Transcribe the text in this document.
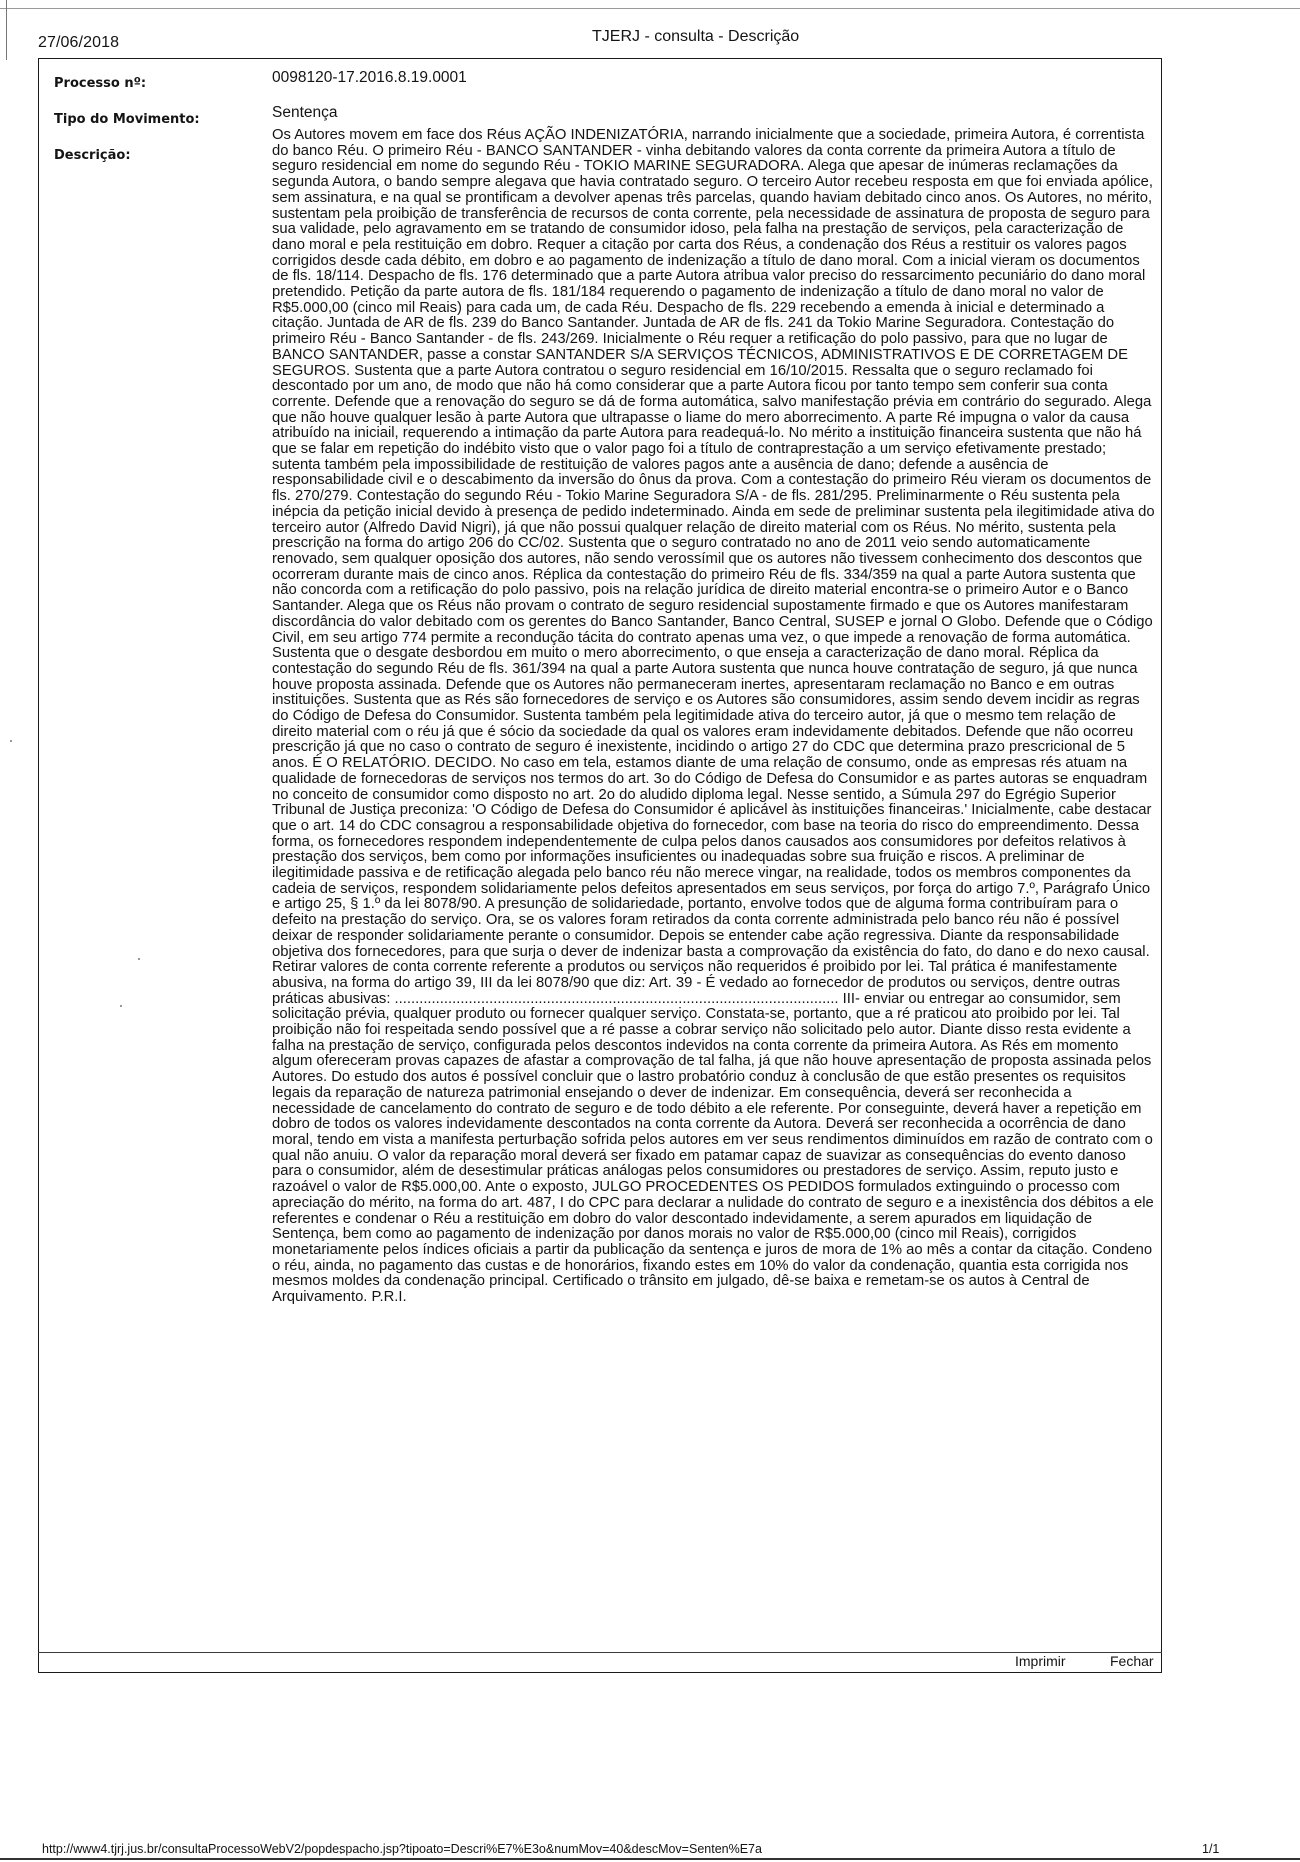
27/06/2018	TJERJ - consulta - Descrição
Processo nº:	0098120-17.2016.8.19.0001
Tipo do Movimento:	Sentença
Descrição:

Os Autores movem em face dos Réus AÇÃO INDENIZATÓRIA, narrando inicialmente que a sociedade, primeira Autora, é correntista do banco Réu. O primeiro Réu - BANCO SANTANDER - vinha debitando valores da conta corrente da primeira Autora a título de seguro residencial em nome do segundo Réu - TOKIO MARINE SEGURADORA. Alega que apesar de inúmeras reclamações da segunda Autora, o bando sempre alegava que havia contratado seguro. O terceiro Autor recebeu resposta em que foi enviada apólice, sem assinatura, e na qual se prontificam a devolver apenas três parcelas, quando haviam debitado cinco anos. Os Autores, no mérito, sustentam pela proibição de transferência de recursos de conta corrente, pela necessidade de assinatura de proposta de seguro para sua validade, pelo agravamento em se tratando de consumidor idoso, pela falha na prestação de serviços, pela caracterização de dano moral e pela restituição em dobro. Requer a citação por carta dos Réus, a condenação dos Réus a restituir os valores pagos corrigidos desde cada débito, em dobro e ao pagamento de indenização a título de dano moral. Com a inicial vieram os documentos de fls. 18/114. Despacho de fls. 176 determinado que a parte Autora atribua valor preciso do ressarcimento pecuniário do dano moral pretendido. Petição da parte autora de fls. 181/184 requerendo o pagamento de indenização a título de dano moral no valor de R$5.000,00 (cinco mil Reais) para cada um, de cada Réu. Despacho de fls. 229 recebendo a emenda à inicial e determinado a citação. Juntada de AR de fls. 239 do Banco Santander. Juntada de AR de fls. 241 da Tokio Marine Seguradora. Contestação do primeiro Réu - Banco Santander - de fls. 243/269. Inicialmente o Réu requer a retificação do polo passivo, para que no lugar de BANCO SANTANDER, passe a constar SANTANDER S/A SERVIÇOS TÉCNICOS, ADMINISTRATIVOS E DE CORRETAGEM DE SEGUROS. Sustenta que a parte Autora contratou o seguro residencial em 16/10/2015. Ressalta que o seguro reclamado foi descontado por um ano, de modo que não há como considerar que a parte Autora ficou por tanto tempo sem conferir sua conta corrente. Defende que a renovação do seguro se dá de forma automática, salvo manifestação prévia em contrário do segurado. Alega que não houve qualquer lesão à parte Autora que ultrapasse o liame do mero aborrecimento. A parte Ré impugna o valor da causa atribuído na iniciail, requerendo a intimação da parte Autora para readequá-lo. No mérito a instituição financeira sustenta que não há que se falar em repetição do indébito visto que o valor pago foi a título de contraprestação a um serviço efetivamente prestado; sutenta também pela impossibilidade de restituição de valores pagos ante a ausência de dano; defende a ausência de responsabilidade civil e o descabimento da inversão do ônus da prova. Com a contestação do primeiro Réu vieram os documentos de fls. 270/279. Contestação do segundo Réu - Tokio Marine Seguradora S/A - de fls. 281/295. Preliminarmente o Réu sustenta pela inépcia da petição inicial devido à presença de pedido indeterminado. Ainda em sede de preliminar sustenta pela ilegitimidade ativa do terceiro autor (Alfredo David Nigri), já que não possui qualquer relação de direito material com os Réus. No mérito, sustenta pela prescrição na forma do artigo 206 do CC/02. Sustenta que o seguro contratado no ano de 2011 veio sendo automaticamente renovado, sem qualquer oposição dos autores, não sendo verossímil que os autores não tivessem conhecimento dos descontos que ocorreram durante mais de cinco anos. Réplica da contestação do primeiro Réu de fls. 334/359 na qual a parte Autora sustenta que não concorda com a retificação do polo passivo, pois na relação jurídica de direito material encontra-se o primeiro Autor e o Banco Santander. Alega que os Réus não provam o contrato de seguro residencial supostamente firmado e que os Autores manifestaram discordância do valor debitado com os gerentes do Banco Santander, Banco Central, SUSEP e jornal O Globo. Defende que o Código Civil, em seu artigo 774 permite a recondução tácita do contrato apenas uma vez, o que impede a renovação de forma automática. Sustenta que o desgate desbordou em muito o mero aborrecimento, o que enseja a caracterização de dano moral. Réplica da contestação do segundo Réu de fls. 361/394 na qual a parte Autora sustenta que nunca houve contratação de seguro, já que nunca houve proposta assinada. Defende que os Autores não permaneceram inertes, apresentaram reclamação no Banco e em outras instituições. Sustenta que as Rés são fornecedores de serviço e os Autores são consumidores, assim sendo devem incidir as regras do Código de Defesa do Consumidor. Sustenta também pela legitimidade ativa do terceiro autor, já que o mesmo tem relação de direito material com o réu já que é sócio da sociedade da qual os valores eram indevidamente debitados. Defende que não ocorreu prescrição já que no caso o contrato de seguro é inexistente, incidindo o artigo 27 do CDC que determina prazo prescricional de 5 anos. É O RELATÓRIO. DECIDO. No caso em tela, estamos diante de uma relação de consumo, onde as empresas rés atuam na qualidade de fornecedoras de serviços nos termos do art. 3o do Código de Defesa do Consumidor e as partes autoras se enquadram no conceito de consumidor como disposto no art. 2o do aludido diploma legal. Nesse sentido, a Súmula 297 do Egrégio Superior Tribunal de Justiça preconiza: 'O Código de Defesa do Consumidor é aplicável às instituições financeiras.' Inicialmente, cabe destacar que o art. 14 do CDC consagrou a responsabilidade objetiva do fornecedor, com base na teoria do risco do empreendimento. Dessa forma, os fornecedores respondem independentemente de culpa pelos danos causados aos consumidores por defeitos relativos à prestação dos serviços, bem como por informações insuficientes ou inadequadas sobre sua fruição e riscos. A preliminar de ilegitimidade passiva e de retificação alegada pelo banco réu não merece vingar, na realidade, todos os membros componentes da cadeia de serviços, respondem solidariamente pelos defeitos apresentados em seus serviços, por força do artigo 7.º, Parágrafo Único e artigo 25, § 1.º da lei 8078/90. A presunção de solidariedade, portanto, envolve todos que de alguma forma contribuíram para o defeito na prestação do serviço. Ora, se os valores foram retirados da conta corrente administrada pelo banco réu não é possível deixar de responder solidariamente perante o consumidor. Depois se entender cabe ação regressiva. Diante da responsabilidade objetiva dos fornecedores, para que surja o dever de indenizar basta a comprovação da existência do fato, do dano e do nexo causal. Retirar valores de conta corrente referente a produtos ou serviços não requeridos é proibido por lei. Tal prática é manifestamente abusiva, na forma do artigo 39, III da lei 8078/90 que diz: Art. 39 - É vedado ao fornecedor de produtos ou serviços, dentre outras práticas abusivas: ............................................................................................................ III- enviar ou entregar ao consumidor, sem solicitação prévia, qualquer produto ou fornecer qualquer serviço. Constata-se, portanto, que a ré praticou ato proibido por lei. Tal proibição não foi respeitada sendo possível que a ré passe a cobrar serviço não solicitado pelo autor. Diante disso resta evidente a falha na prestação de serviço, configurada pelos descontos indevidos na conta corrente da primeira Autora. As Rés em momento algum ofereceram provas capazes de afastar a comprovação de tal falha, já que não houve apresentação de proposta assinada pelos Autores. Do estudo dos autos é possível concluir que o lastro probatório conduz à conclusão de que estão presentes os requisitos legais da reparação de natureza patrimonial ensejando o dever de indenizar. Em consequência, deverá ser reconhecida a necessidade de cancelamento do contrato de seguro e de todo débito a ele referente. Por conseguinte, deverá haver a repetição em dobro de todos os valores indevidamente descontados na conta corrente da Autora. Deverá ser reconhecida a ocorrência de dano moral, tendo em vista a manifesta perturbação sofrida pelos autores em ver seus rendimentos diminuídos em razão de contrato com o qual não anuiu. O valor da reparação moral deverá ser fixado em patamar capaz de suavizar as consequências do evento danoso para o consumidor, além de desestimular práticas análogas pelos consumidores ou prestadores de serviço. Assim, reputo justo e razoável o valor de R$5.000,00. Ante o exposto, JULGO PROCEDENTES OS PEDIDOS formulados extinguindo o processo com apreciação do mérito, na forma do art. 487, I do CPC para declarar a nulidade do contrato de seguro e a inexistência dos débitos a ele referentes e condenar o Réu a restituição em dobro do valor descontado indevidamente, a serem apurados em liquidação de Sentença, bem como ao pagamento de indenização por danos morais no valor de R$5.000,00 (cinco mil Reais), corrigidos monetariamente pelos índices oficiais a partir da publicação da sentença e juros de mora de 1% ao mês a contar da citação. Condeno o réu, ainda, no pagamento das custas e de honorários, fixando estes em 10% do valor da condenação, quantia esta corrigida nos mesmos moldes da condenação principal. Certificado o trânsito em julgado, dê-se baixa e remetam-se os autos à Central de Arquivamento. P.R.I.

Imprimir	Fechar
http://www4.tjrj.jus.br/consultaProcessoWebV2/popdespacho.jsp?tipoato=Descri%E7%E3o&numMov=40&descMov=Senten%E7a	1/1
